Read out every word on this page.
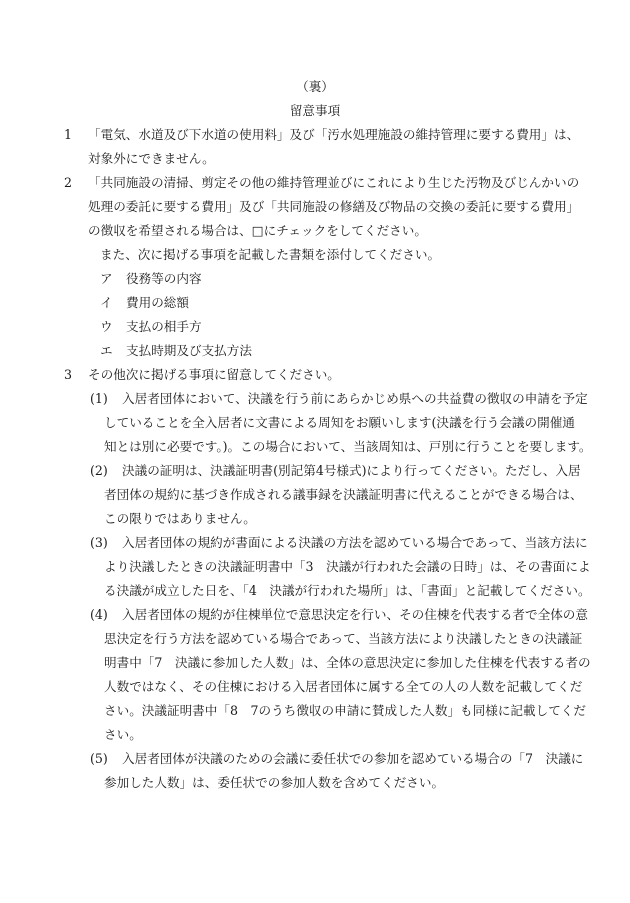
（裏）
留意事項
1 「電気、水道及び下水道の使用料」及び「汚水処理施設の維持管理に要する費用」は、
対象外にできません。
2 「共同施設の清掃、剪定その他の維持管理並びにこれにより生じた汚物及びじんかいの
処理の委託に要する費用」及び「共同施設の修繕及び物品の交換の委託に要する費用」
の徴収を希望される場合は、□にチェックをしてください。
また、次に掲げる事項を記載した書類を添付してください。
ア 役務等の内容
イ 費用の総額
ウ 支払の相手方
エ 支払時期及び支払方法
3 その他次に掲げる事項に留意してください。
(1) 入居者団体において、決議を行う前にあらかじめ県への共益費の徴収の申請を予定
していることを全入居者に文書による周知をお願いします(決議を行う会議の開催通
知とは別に必要です。)。この場合において、当該周知は、戸別に行うことを要します。
(2) 決議の証明は、決議証明書(別記第4号様式)により行ってください。ただし、入居
者団体の規約に基づき作成される議事録を決議証明書に代えることができる場合は、
この限りではありません。
(3) 入居者団体の規約が書面による決議の方法を認めている場合であって、当該方法に
より決議したときの決議証明書中「3　決議が行われた会議の日時」は、その書面によ
る決議が成立した日を、「4　決議が行われた場所」は、「書面」と記載してください。
(4) 入居者団体の規約が住棟単位で意思決定を行い、その住棟を代表する者で全体の意
思決定を行う方法を認めている場合であって、当該方法により決議したときの決議証
明書中「7　決議に参加した人数」は、全体の意思決定に参加した住棟を代表する者の
人数ではなく、その住棟における入居者団体に属する全ての人の人数を記載してくだ
さい。決議証明書中「8　7のうち徴収の申請に賛成した人数」も同様に記載してくだ
さい。
(5) 入居者団体が決議のための会議に委任状での参加を認めている場合の「7　決議に
参加した人数」は、委任状での参加人数を含めてください。
